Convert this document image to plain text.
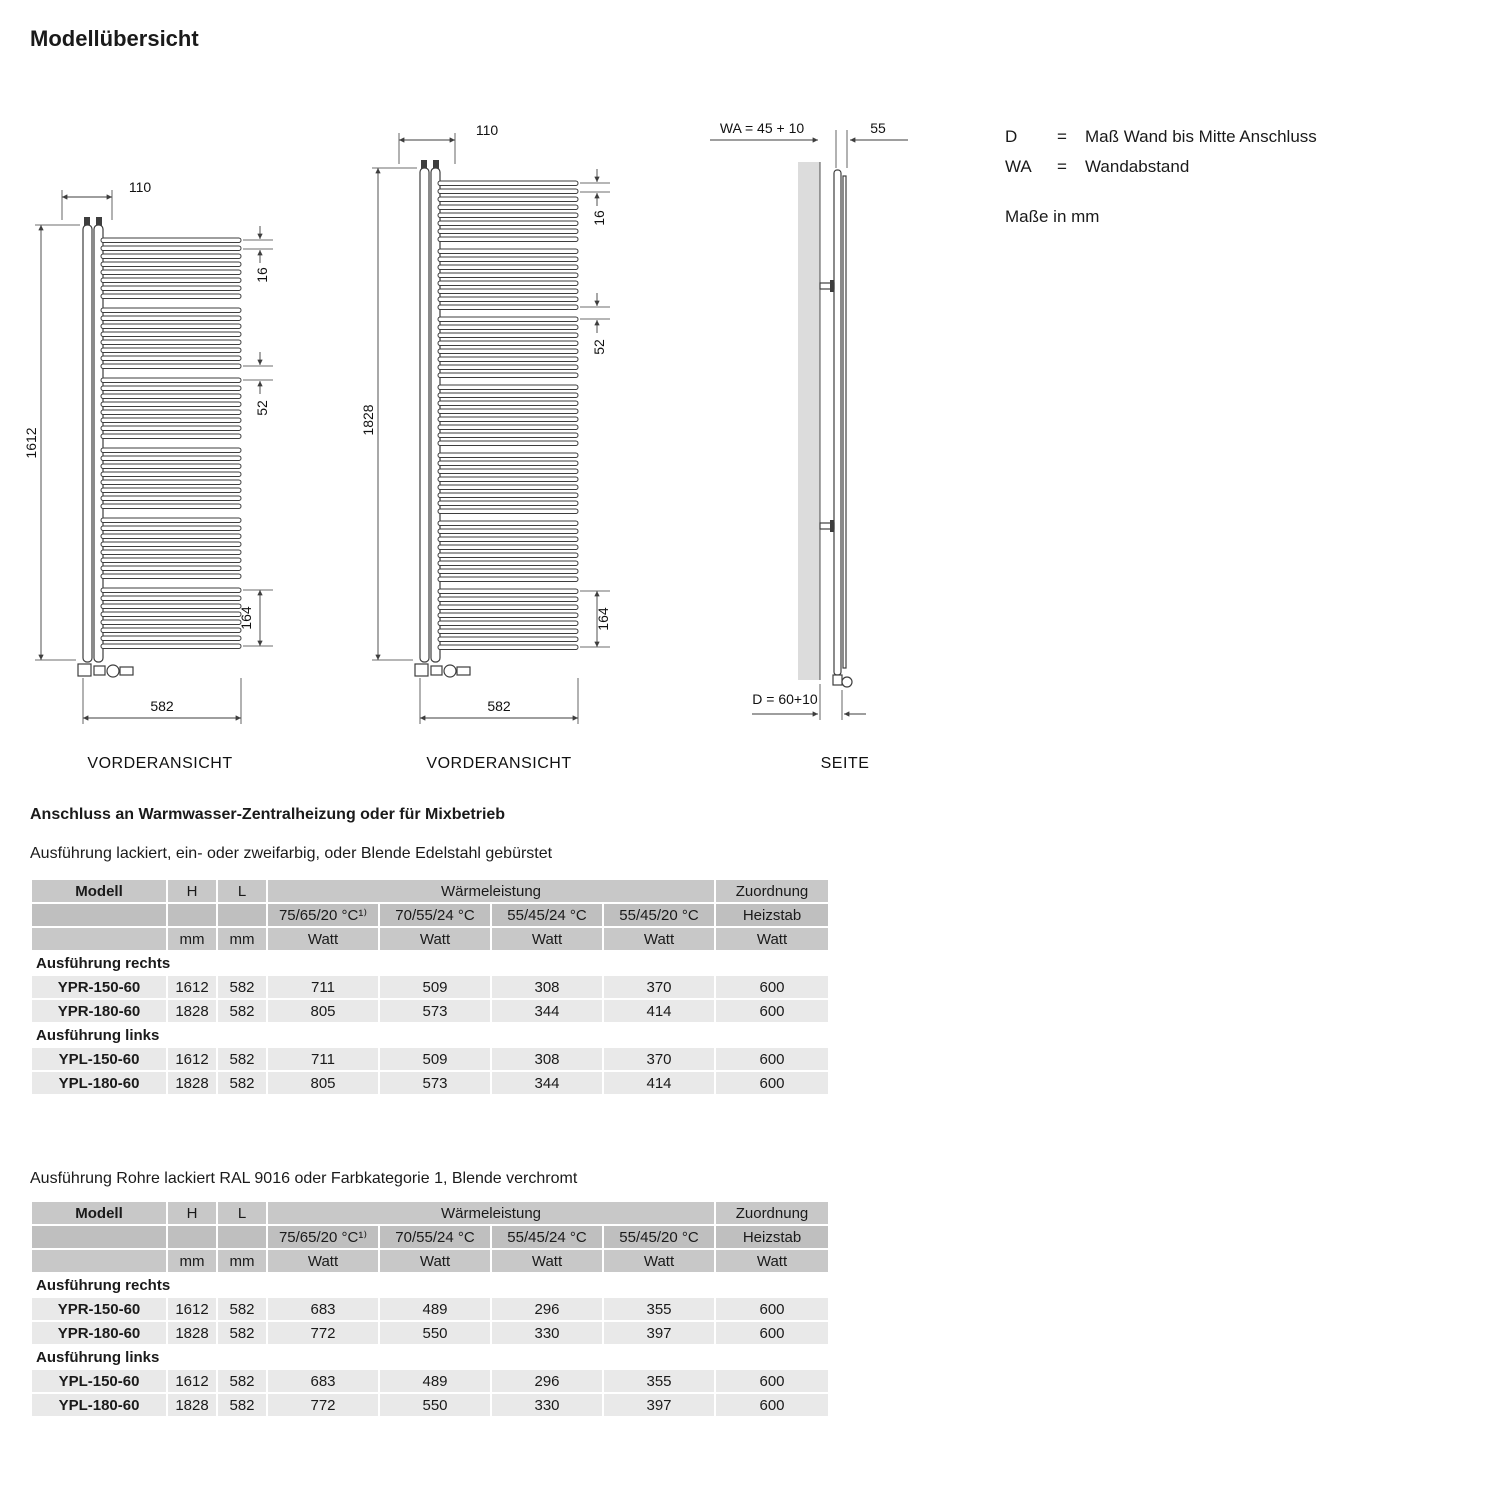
Modellübersicht
110
1612
16
52
164
582
VORDERANSICHT
110
1828
16
52
164
582
VORDERANSICHT
WA = 45 + 10	55
D = 60+10
SEITE
D	=	Maß Wand bis Mitte Anschluss
WA	=	Wandabstand
Maße in mm
Anschluss an Warmwasser-Zentralheizung oder für Mixbetrieb
Ausführung lackiert, ein- oder zweifarbig, oder Blende Edelstahl gebürstet
Modell	H	L	Wärmeleistung				Zuordnung
			75/65/20 °C¹⁾	70/55/24 °C	55/45/24 °C	55/45/20 °C	Heizstab
	mm	mm	Watt	Watt	Watt	Watt	Watt
Ausführung rechts							
YPR-150-60	1612	582	711	509	308	370	600
YPR-180-60	1828	582	805	573	344	414	600
Ausführung links							
YPL-150-60	1612	582	711	509	308	370	600
YPL-180-60	1828	582	805	573	344	414	600
Ausführung Rohre lackiert RAL 9016 oder Farbkategorie 1, Blende verchromt
Modell	H	L	Wärmeleistung				Zuordnung
			75/65/20 °C¹⁾	70/55/24 °C	55/45/24 °C	55/45/20 °C	Heizstab
	mm	mm	Watt	Watt	Watt	Watt	Watt
Ausführung rechts							
YPR-150-60	1612	582	683	489	296	355	600
YPR-180-60	1828	582	772	550	330	397	600
Ausführung links							
YPL-150-60	1612	582	683	489	296	355	600
YPL-180-60	1828	582	772	550	330	397	600
